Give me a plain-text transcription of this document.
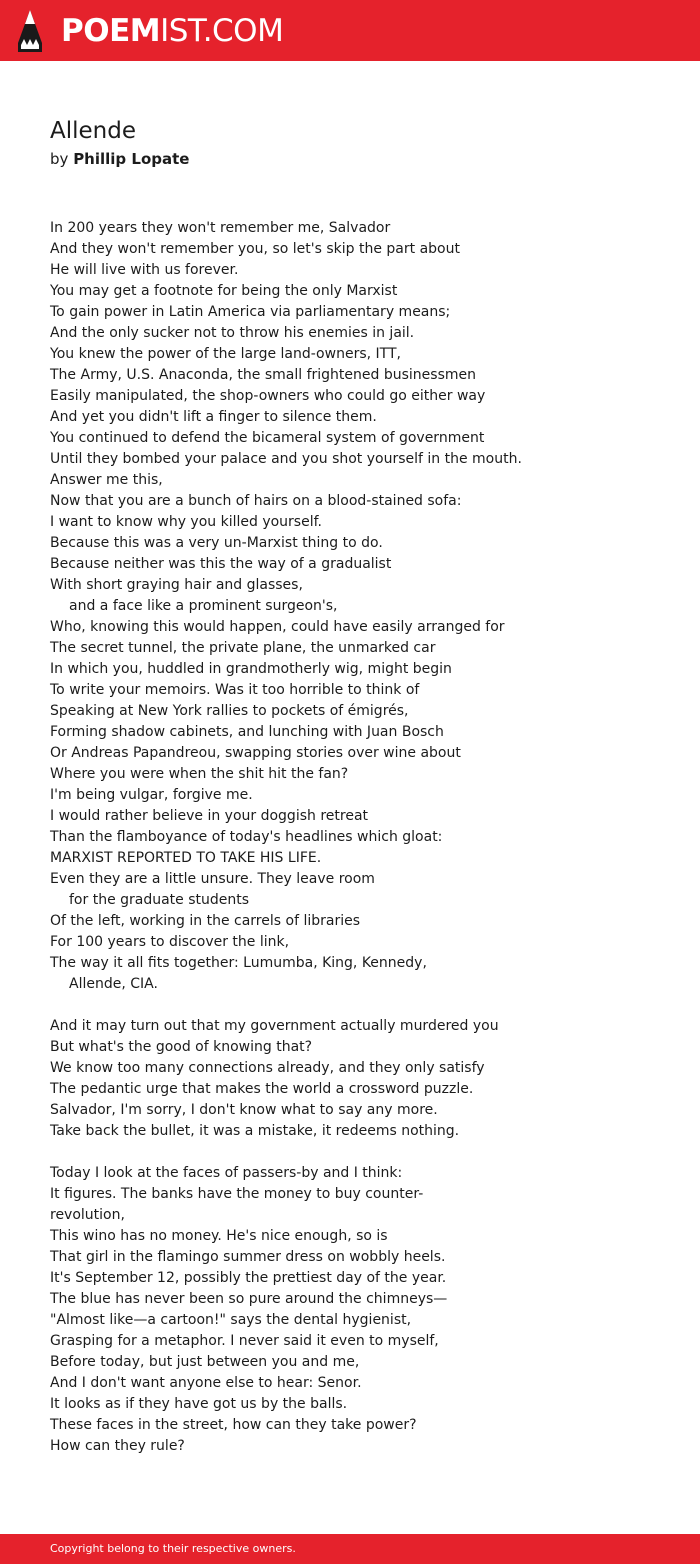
POEMIST.COM
Allende
by Phillip Lopate
In 200 years they won't remember me, Salvador
And they won't remember you, so let's skip the part about
He will live with us forever.
You may get a footnote for being the only Marxist
To gain power in Latin America via parliamentary means;
And the only sucker not to throw his enemies in jail.
You knew the power of the large land-owners, ITT,
The Army, U.S. Anaconda, the small frightened businessmen
Easily manipulated, the shop-owners who could go either way
And yet you didn't lift a finger to silence them.
You continued to defend the bicameral system of government
Until they bombed your palace and you shot yourself in the mouth.
Answer me this,
Now that you are a bunch of hairs on a blood-stained sofa:
I want to know why you killed yourself.
Because this was a very un-Marxist thing to do.
Because neither was this the way of a gradualist
With short graying hair and glasses,
and a face like a prominent surgeon's,
Who, knowing this would happen, could have easily arranged for
The secret tunnel, the private plane, the unmarked car
In which you, huddled in grandmotherly wig, might begin
To write your memoirs. Was it too horrible to think of
Speaking at New York rallies to pockets of émigrés,
Forming shadow cabinets, and lunching with Juan Bosch
Or Andreas Papandreou, swapping stories over wine about
Where you were when the shit hit the fan?
I'm being vulgar, forgive me.
I would rather believe in your doggish retreat
Than the flamboyance of today's headlines which gloat:
MARXIST REPORTED TO TAKE HIS LIFE.
Even they are a little unsure. They leave room
for the graduate students
Of the left, working in the carrels of libraries
For 100 years to discover the link,
The way it all fits together: Lumumba, King, Kennedy,
Allende, CIA.
And it may turn out that my government actually murdered you
But what's the good of knowing that?
We know too many connections already, and they only satisfy
The pedantic urge that makes the world a crossword puzzle.
Salvador, I'm sorry, I don't know what to say any more.
Take back the bullet, it was a mistake, it redeems nothing.
Today I look at the faces of passers-by and I think:
It figures. The banks have the money to buy counter-
revolution,
This wino has no money. He's nice enough, so is
That girl in the flamingo summer dress on wobbly heels.
It's September 12, possibly the prettiest day of the year.
The blue has never been so pure around the chimneys—
"Almost like—a cartoon!" says the dental hygienist,
Grasping for a metaphor. I never said it even to myself,
Before today, but just between you and me,
And I don't want anyone else to hear: Senor.
It looks as if they have got us by the balls.
These faces in the street, how can they take power?
How can they rule?
Copyright belong to their respective owners.
